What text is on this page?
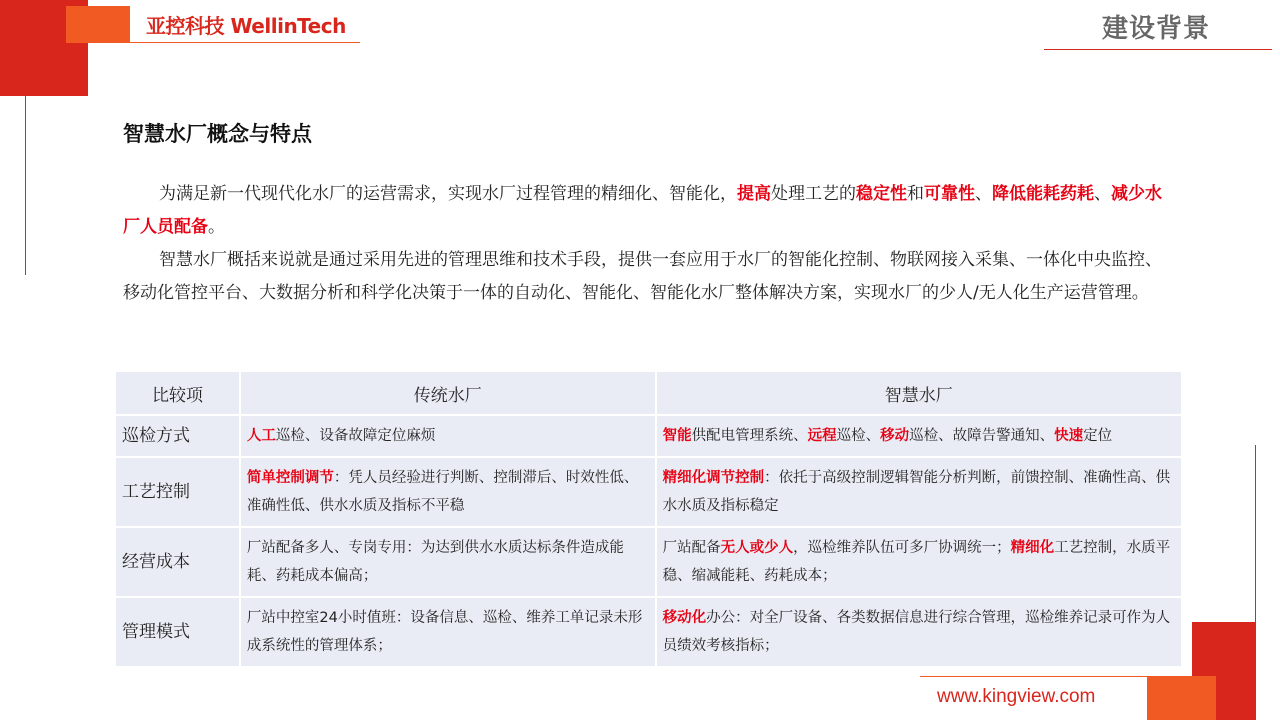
亚控科技 WellinTech	建设背景
智慧水厂概念与特点
为满足新一代现代化水厂的运营需求，实现水厂过程管理的精细化、智能化，提高处理工艺的稳定性和可靠性、降低能耗药耗、减少水厂人员配备。
智慧水厂概括来说就是通过采用先进的管理思维和技术手段，提供一套应用于水厂的智能化控制、物联网接入采集、一体化中央监控、移动化管控平台、大数据分析和科学化决策于一体的自动化、智能化、智能化水厂整体解决方案，实现水厂的少人/无人化生产运营管理。
比较项	传统水厂	智慧水厂
巡检方式	人工巡检、设备故障定位麻烦	智能供配电管理系统、远程巡检、移动巡检、故障告警通知、快速定位
工艺控制	简单控制调节：凭人员经验进行判断、控制滞后、时效性低、准确性低、供水水质及指标不平稳	精细化调节控制：依托于高级控制逻辑智能分析判断，前馈控制、准确性高、供水水质及指标稳定
经营成本	厂站配备多人、专岗专用：为达到供水水质达标条件造成能耗、药耗成本偏高；	厂站配备无人或少人，巡检维养队伍可多厂协调统一；精细化工艺控制，水质平稳、缩减能耗、药耗成本；
管理模式	厂站中控室24小时值班：设备信息、巡检、维养工单记录未形成系统性的管理体系；	移动化办公：对全厂设备、各类数据信息进行综合管理，巡检维养记录可作为人员绩效考核指标；
www.kingview.com
